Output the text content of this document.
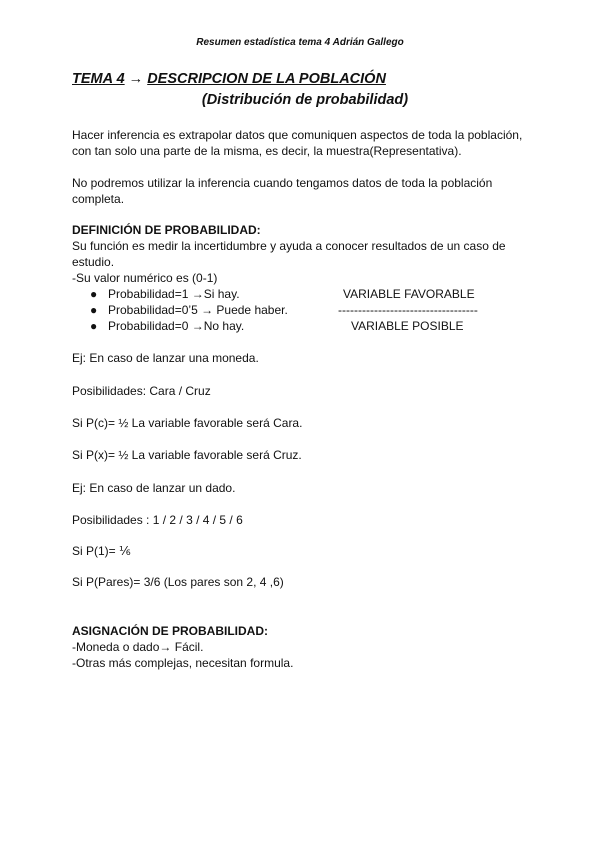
Resumen estadística tema 4 Adrián Gallego
TEMA 4 → DESCRIPCION DE LA POBLACIÓN
(Distribución de probabilidad)
Hacer inferencia es extrapolar datos que comuniquen aspectos de toda la población,
con tan solo una parte de la misma, es decir, la muestra(Representativa).
No podremos utilizar la inferencia cuando tengamos datos de toda la población
completa.
DEFINICIÓN DE PROBABILIDAD:
Su función es medir la incertidumbre y ayuda a conocer resultados de un caso de
estudio.
-Su valor numérico es (0-1)
● Probabilidad=1 →Si hay.	VARIABLE FAVORABLE
● Probabilidad=0’5 → Puede haber.	-----------------------------------
● Probabilidad=0 →No hay.	VARIABLE POSIBLE
Ej: En caso de lanzar una moneda.
Posibilidades: Cara / Cruz
Si P(c)= ½ La variable favorable será Cara.
Si P(x)= ½ La variable favorable será Cruz.
Ej: En caso de lanzar un dado.
Posibilidades : 1 / 2 / 3 / 4 / 5 / 6
Si P(1)= ⅙
Si P(Pares)= 3/6 (Los pares son 2, 4 ,6)
ASIGNACIÓN DE PROBABILIDAD:
-Moneda o dado→ Fácil.
-Otras más complejas, necesitan formula.
